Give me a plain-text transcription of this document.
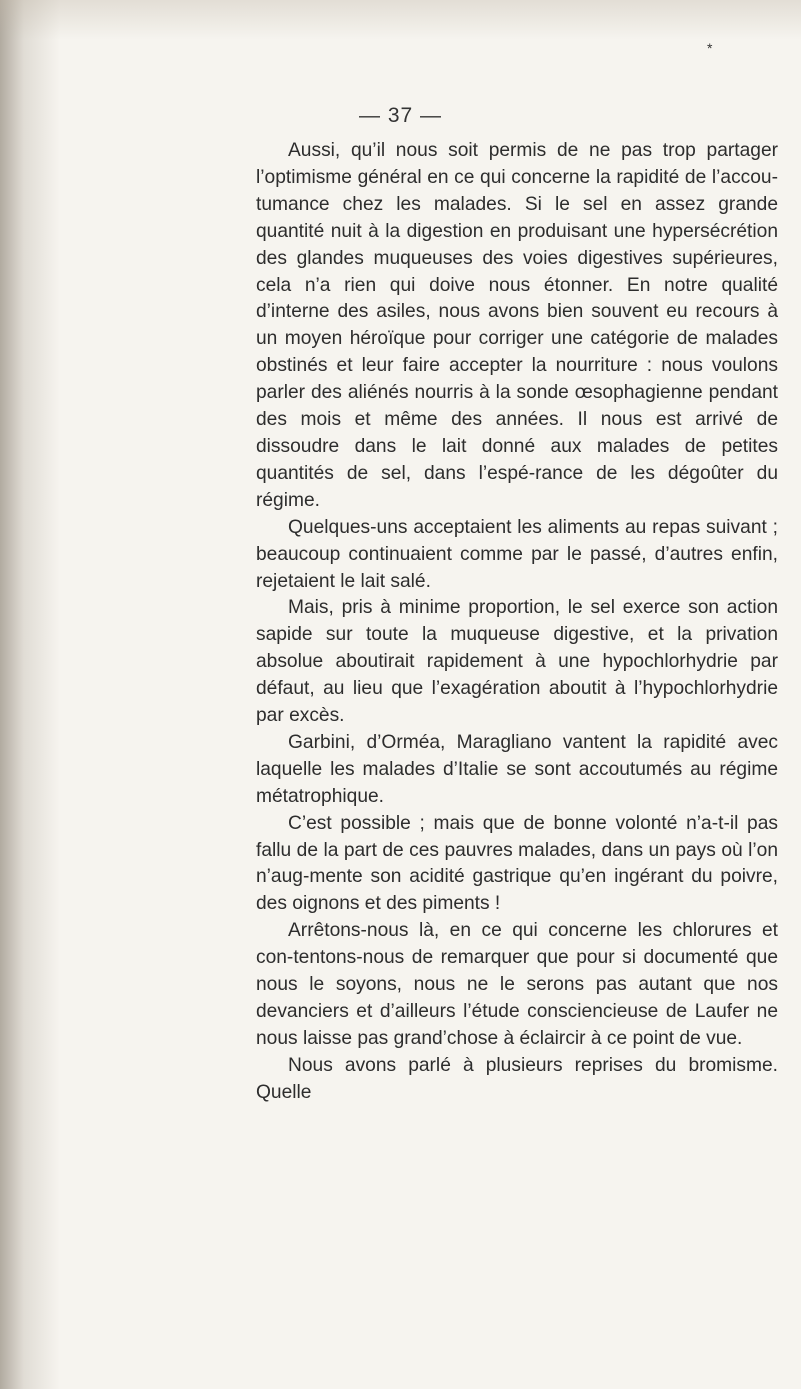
*
— 37 —

Aussi, qu’il nous soit permis de ne pas trop partager l’optimisme général en ce qui concerne la rapidité de l’accou-tumance chez les malades. Si le sel en assez grande quantité nuit à la digestion en produisant une hypersécrétion des glandes muqueuses des voies digestives supérieures, cela n’a rien qui doive nous étonner. En notre qualité d’interne des asiles, nous avons bien souvent eu recours à un moyen héroïque pour corriger une catégorie de malades obstinés et leur faire accepter la nourriture : nous voulons parler des aliénés nourris à la sonde œsophagienne pendant des mois et même des années. Il nous est arrivé de dissoudre dans le lait donné aux malades de petites quantités de sel, dans l’espé-rance de les dégoûter du régime.

Quelques-uns acceptaient les aliments au repas suivant ; beaucoup continuaient comme par le passé, d’autres enfin, rejetaient le lait salé.

Mais, pris à minime proportion, le sel exerce son action sapide sur toute la muqueuse digestive, et la privation absolue aboutirait rapidement à une hypochlorhydrie par défaut, au lieu que l’exagération aboutit à l’hypochlorhydrie par excès.

Garbini, d’Orméa, Maragliano vantent la rapidité avec laquelle les malades d’Italie se sont accoutumés au régime métatrophique.

C’est possible ; mais que de bonne volonté n’a-t-il pas fallu de la part de ces pauvres malades, dans un pays où l’on n’aug-mente son acidité gastrique qu’en ingérant du poivre, des oignons et des piments !

Arrêtons-nous là, en ce qui concerne les chlorures et con-tentons-nous de remarquer que pour si documenté que nous le soyons, nous ne le serons pas autant que nos devanciers et d’ailleurs l’étude consciencieuse de Laufer ne nous laisse pas grand’chose à éclaircir à ce point de vue.

Nous avons parlé à plusieurs reprises du bromisme. Quelle
